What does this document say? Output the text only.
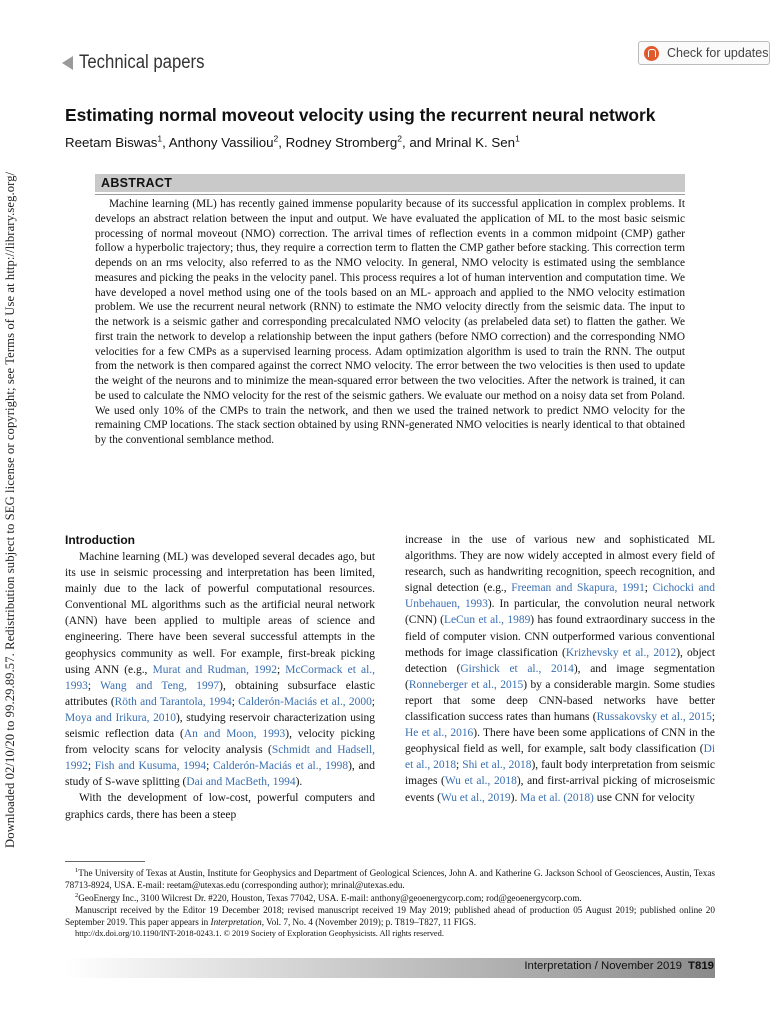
Downloaded 02/10/20 to 99.29.89.57. Redistribution subject to SEG license or copyright; see Terms of Use at http://library.seg.org/
Technical papers	Check for updates
Estimating normal moveout velocity using the recurrent neural network
Reetam Biswas$^1$, Anthony Vassiliou$^2$, Rodney Stromberg$^2$, and Mrinal K. Sen$^1$
ABSTRACT
Machine learning (ML) has recently gained immense popularity because of its successful application in complex problems. It develops an abstract relation between the input and output. We have evaluated the application of ML to the most basic seismic processing of normal moveout (NMO) correction. The arrival times of reflection events in a common midpoint (CMP) gather follow a hyperbolic trajectory; thus, they require a correction term to flatten the CMP gather before stacking. This correction term depends on an rms velocity, also referred to as the NMO velocity. In general, NMO velocity is estimated using the semblance measures and picking the peaks in the velocity panel. This process requires a lot of human intervention and computation time. We have developed a novel method using one of the tools based on an ML- approach and applied to the NMO velocity estimation problem. We use the recurrent neural network (RNN) to estimate the NMO velocity directly from the seismic data. The input to the network is a seismic gather and corresponding precalculated NMO velocity (as prelabeled data set) to flatten the gather. We first train the network to develop a relationship between the input gathers (before NMO correction) and the corresponding NMO velocities for a few CMPs as a supervised learning process. Adam optimization algorithm is used to train the RNN. The output from the network is then compared against the correct NMO velocity. The error between the two velocities is then used to update the weight of the neurons and to minimize the mean-squared error between the two velocities. After the network is trained, it can be used to calculate the NMO velocity for the rest of the seismic gathers. We evaluate our method on a noisy data set from Poland. We used only 10% of the CMPs to train the network, and then we used the trained network to predict NMO velocity for the remaining CMP locations. The stack section obtained by using RNN-generated NMO velocities is nearly identical to that obtained by the conventional semblance method.
Introduction

Machine learning (ML) was developed several decades ago, but its use in seismic processing and interpretation has been limited, mainly due to the lack of powerful computational resources. Conventional ML algorithms such as the artificial neural network (ANN) have been applied to multiple areas of science and engineering. There have been several successful attempts in the geophysics community as well. For example, first-break picking using ANN (e.g., Murat and Rudman, 1992; McCormack et al., 1993; Wang and Teng, 1997), obtaining subsurface elastic attributes (Röth and Tarantola, 1994; Calderón-Maciás et al., 2000; Moya and Irikura, 2010), studying reservoir characterization using seismic reflection data (An and Moon, 1993), velocity picking from velocity scans for velocity analysis (Schmidt and Hadsell, 1992; Fish and Kusuma, 1994; Calderón-Maciás et al., 1998), and study of S-wave splitting (Dai and MacBeth, 1994).

With the development of low-cost, powerful computers and graphics cards, there has been a steep

increase in the use of various new and sophisticated ML algorithms. They are now widely accepted in almost every field of research, such as handwriting recognition, speech recognition, and signal detection (e.g., Freeman and Skapura, 1991; Cichocki and Unbehauen, 1993). In particular, the convolution neural network (CNN) (LeCun et al., 1989) has found extraordinary success in the field of computer vision. CNN outperformed various conventional methods for image classification (Krizhevsky et al., 2012), object detection (Girshick et al., 2014), and image segmentation (Ronneberger et al., 2015) by a considerable margin. Some studies report that some deep CNN-based networks have better classification success rates than humans (Russakovsky et al., 2015; He et al., 2016). There have been some applications of CNN in the geophysical field as well, for example, salt body classification (Di et al., 2018; Shi et al., 2018), fault body interpretation from seismic images (Wu et al., 2018), and first-arrival picking of microseismic events (Wu et al., 2019). Ma et al. (2018) use CNN for velocity

$^1$The University of Texas at Austin, Institute for Geophysics and Department of Geological Sciences, John A. and Katherine G. Jackson School of Geosciences, Austin, Texas 78713-8924, USA. E-mail: reetam@utexas.edu (corresponding author); mrinal@utexas.edu.

$^2$GeoEnergy Inc., 3100 Wilcrest Dr. #220, Houston, Texas 77042, USA. E-mail: anthony@geoenergycorp.com; rod@geoenergycorp.com.

Manuscript received by the Editor 19 December 2018; revised manuscript received 19 May 2019; published ahead of production 05 August 2019; published online 20 September 2019. This paper appears in Interpretation, Vol. 7, No. 4 (November 2019); p. T819–T827, 11 FIGS.

http://dx.doi.org/10.1190/INT-2018-0243.1. © 2019 Society of Exploration Geophysicists. All rights reserved.

Interpretation / November 2019 T819
